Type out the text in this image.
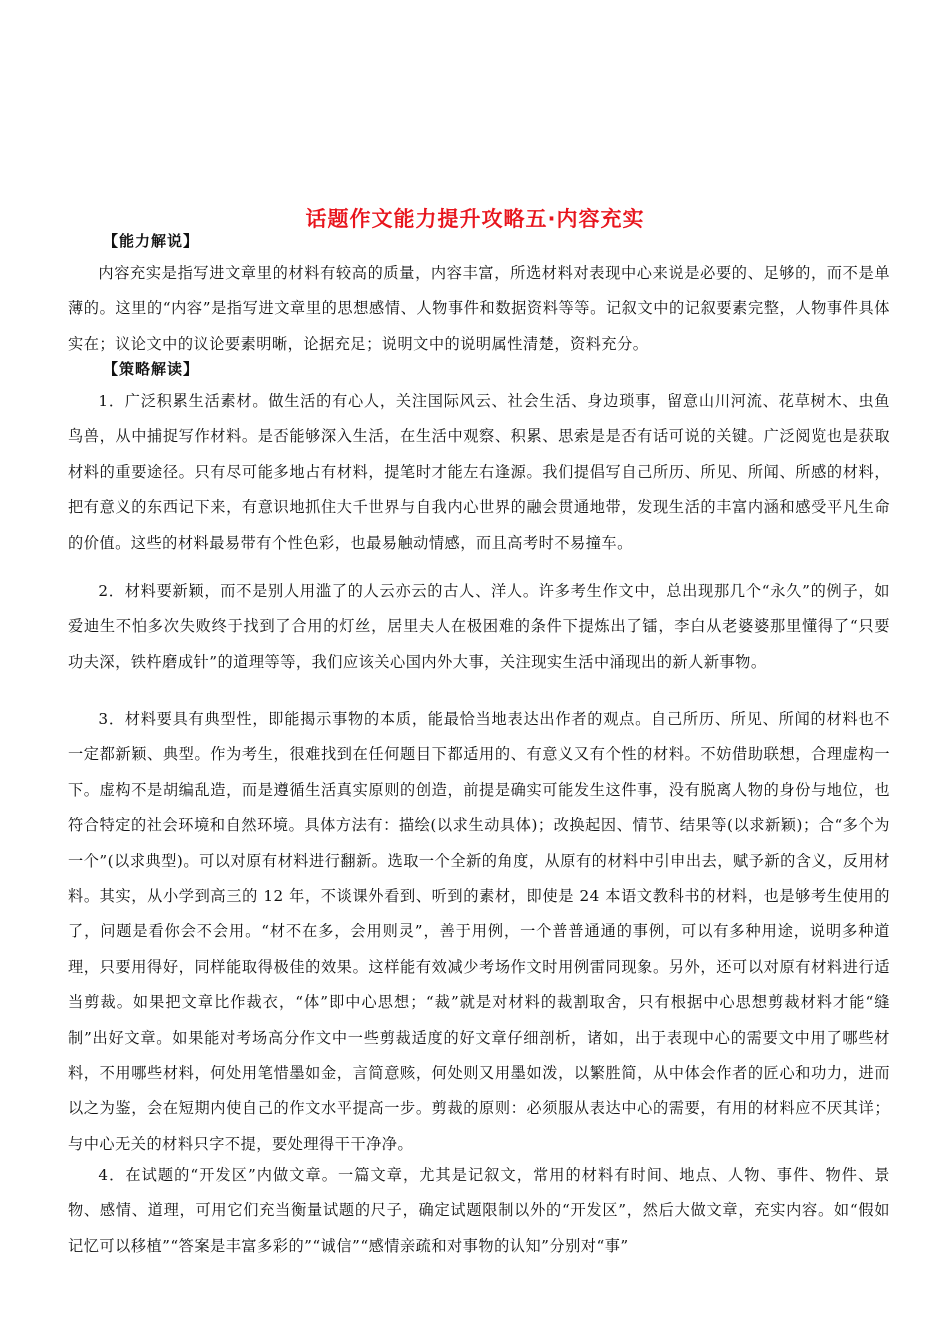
话题作文能力提升攻略五·内容充实
【能力解说】

内容充实是指写进文章里的材料有较高的质量，内容丰富，所选材料对表现中心来说是必要的、足够的，而不是单薄的。这里的“内容”是指写进文章里的思想感情、人物事件和数据资料等等。记叙文中的记叙要素完整，人物事件具体实在；议论文中的议论要素明晰，论据充足；说明文中的说明属性清楚，资料充分。

【策略解读】

1．广泛积累生活素材。做生活的有心人，关注国际风云、社会生活、身边琐事，留意山川河流、花草树木、虫鱼鸟兽，从中捕捉写作材料。是否能够深入生活，在生活中观察、积累、思索是是否有话可说的关键。广泛阅览也是获取材料的重要途径。只有尽可能多地占有材料，提笔时才能左右逢源。我们提倡写自己所历、所见、所闻、所感的材料，把有意义的东西记下来，有意识地抓住大千世界与自我内心世界的融会贯通地带，发现生活的丰富内涵和感受平凡生命的价值。这些的材料最易带有个性色彩，也最易触动情感，而且高考时不易撞车。

2．材料要新颖，而不是别人用滥了的人云亦云的古人、洋人。许多考生作文中，总出现那几个“永久”的例子，如爱迪生不怕多次失败终于找到了合用的灯丝，居里夫人在极困难的条件下提炼出了镭，李白从老婆婆那里懂得了“只要功夫深，铁杵磨成针”的道理等等，我们应该关心国内外大事，关注现实生活中涌现出的新人新事物。

3．材料要具有典型性，即能揭示事物的本质，能最恰当地表达出作者的观点。自己所历、所见、所闻的材料也不一定都新颖、典型。作为考生，很难找到在任何题目下都适用的、有意义又有个性的材料。不妨借助联想，合理虚构一下。虚构不是胡编乱造，而是遵循生活真实原则的创造，前提是确实可能发生这件事，没有脱离人物的身份与地位，也符合特定的社会环境和自然环境。具体方法有：描绘(以求生动具体)；改换起因、情节、结果等(以求新颖)；合“多个为一个”(以求典型)。可以对原有材料进行翻新。选取一个全新的角度，从原有的材料中引申出去，赋予新的含义，反用材料。其实，从小学到高三的 12 年，不谈课外看到、听到的素材，即使是 24 本语文教科书的材料，也是够考生使用的了，问题是看你会不会用。“材不在多，会用则灵”，善于用例，一个普普通通的事例，可以有多种用途，说明多种道理，只要用得好，同样能取得极佳的效果。这样能有效减少考场作文时用例雷同现象。另外，还可以对原有材料进行适当剪裁。如果把文章比作裁衣，“体”即中心思想；“裁”就是对材料的裁割取舍，只有根据中心思想剪裁材料才能“缝制”出好文章。如果能对考场高分作文中一些剪裁适度的好文章仔细剖析，诸如，出于表现中心的需要文中用了哪些材料，不用哪些材料，何处用笔惜墨如金，言简意赅，何处则又用墨如泼，以繁胜简，从中体会作者的匠心和功力，进而以之为鉴，会在短期内使自己的作文水平提高一步。剪裁的原则：必须服从表达中心的需要，有用的材料应不厌其详；与中心无关的材料只字不提，要处理得干干净净。

4．在试题的“开发区”内做文章。一篇文章，尤其是记叙文，常用的材料有时间、地点、人物、事件、物件、景物、感情、道理，可用它们充当衡量试题的尺子，确定试题限制以外的“开发区”，然后大做文章，充实内容。如“假如记忆可以移植”“答案是丰富多彩的”“诚信”“感情亲疏和对事物的认知”分别对“事”
